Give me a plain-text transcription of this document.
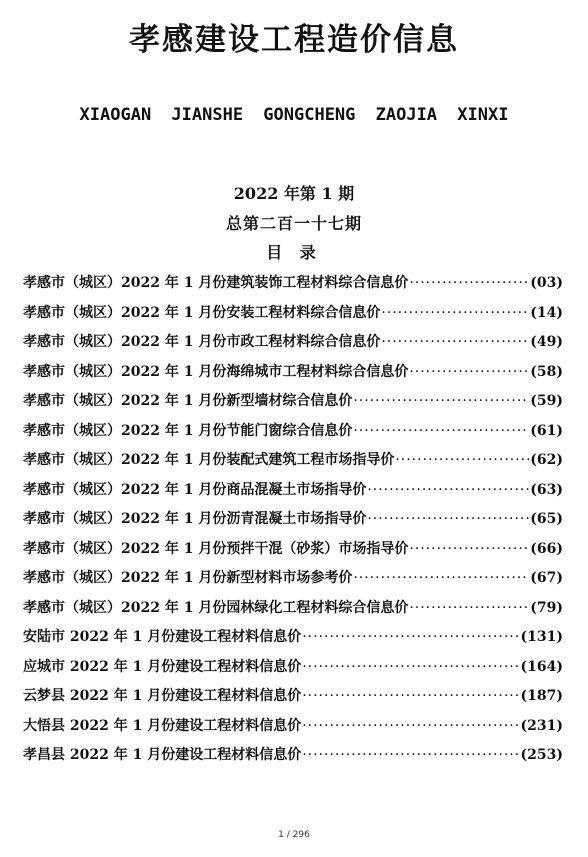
孝感建设工程造价信息
XIAOGAN JIANSHE GONGCHENG ZAOJIA XINXI
2022 年第 1 期
总第二百一十七期
目 录
孝感市（城区）2022 年 1 月份建筑装饰工程材料综合信息价 ·····	(03)
孝感市（城区）2022 年 1 月份安装工程材料综合信息价 ·····	(14)
孝感市（城区）2022 年 1 月份市政工程材料综合信息价 ·····	(49)
孝感市（城区）2022 年 1 月份海绵城市工程材料综合信息价 ·····	(58)
孝感市（城区）2022 年 1 月份新型墙材综合信息价 ·····	(59)
孝感市（城区）2022 年 1 月份节能门窗综合信息价 ·····	(61)
孝感市（城区）2022 年 1 月份装配式建筑工程市场指导价 ·····	(62)
孝感市（城区）2022 年 1 月份商品混凝土市场指导价 ·····	(63)
孝感市（城区）2022 年 1 月份沥青混凝土市场指导价 ·····	(65)
孝感市（城区）2022 年 1 月份预拌干混（砂浆）市场指导价 ·····	(66)
孝感市（城区）2022 年 1 月份新型材料市场参考价 ·····	(67)
孝感市（城区）2022 年 1 月份园林绿化工程材料综合信息价 ·····	(79)
安陆市 2022 年 1 月份建设工程材料信息价 ·····	(131)
应城市 2022 年 1 月份建设工程材料信息价 ·····	(164)
云梦县 2022 年 1 月份建设工程材料信息价 ·····	(187)
大悟县 2022 年 1 月份建设工程材料信息价 ·····	(231)
孝昌县 2022 年 1 月份建设工程材料信息价 ·····	(253)
1 / 296
